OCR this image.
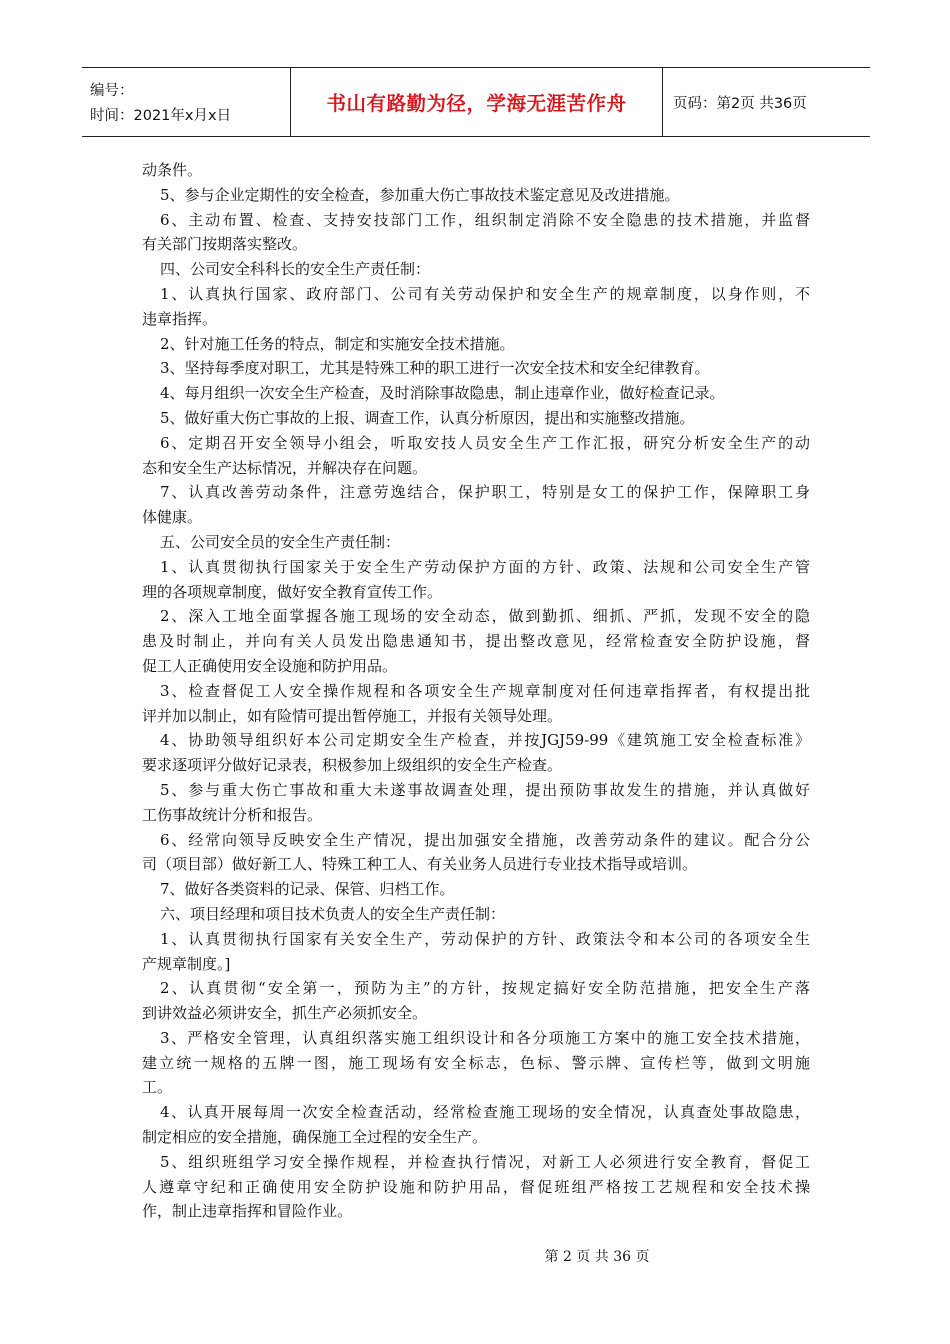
编号：
时间：2021年x月x日
书山有路勤为径，学海无涯苦作舟	页码：第2页 共36页
动条件。
5、参与企业定期性的安全检查，参加重大伤亡事故技术鉴定意见及改进措施。
6、主动布置、检查、支持安技部门工作，组织制定消除不安全隐患的技术措施，并监督
有关部门按期落实整改。
四、公司安全科科长的安全生产责任制：
1、认真执行国家、政府部门、公司有关劳动保护和安全生产的规章制度，以身作则，不
违章指挥。
2、针对施工任务的特点，制定和实施安全技术措施。
3、坚持每季度对职工，尤其是特殊工种的职工进行一次安全技术和安全纪律教育。
4、每月组织一次安全生产检查，及时消除事故隐患，制止违章作业，做好检查记录。
5、做好重大伤亡事故的上报、调查工作，认真分析原因，提出和实施整改措施。
6、定期召开安全领导小组会，听取安技人员安全生产工作汇报，研究分析安全生产的动
态和安全生产达标情况，并解决存在问题。
7、认真改善劳动条件，注意劳逸结合，保护职工，特别是女工的保护工作，保障职工身
体健康。
五、公司安全员的安全生产责任制：
1、认真贯彻执行国家关于安全生产劳动保护方面的方针、政策、法规和公司安全生产管
理的各项规章制度，做好安全教育宣传工作。
2、深入工地全面掌握各施工现场的安全动态，做到勤抓、细抓、严抓，发现不安全的隐
患及时制止，并向有关人员发出隐患通知书，提出整改意见，经常检查安全防护设施，督
促工人正确使用安全设施和防护用品。
3、检查督促工人安全操作规程和各项安全生产规章制度对任何违章指挥者，有权提出批
评并加以制止，如有险情可提出暂停施工，并报有关领导处理。
4、协助领导组织好本公司定期安全生产检查，并按JGJ59-99《建筑施工安全检查标准》
要求逐项评分做好记录表，积极参加上级组织的安全生产检查。
5、参与重大伤亡事故和重大未遂事故调查处理，提出预防事故发生的措施，并认真做好
工伤事故统计分析和报告。
6、经常向领导反映安全生产情况，提出加强安全措施，改善劳动条件的建议。配合分公
司（项目部）做好新工人、特殊工种工人、有关业务人员进行专业技术指导或培训。
7、做好各类资料的记录、保管、归档工作。
六、项目经理和项目技术负责人的安全生产责任制：
1、认真贯彻执行国家有关安全生产，劳动保护的方针、政策法令和本公司的各项安全生
产规章制度。]
2、认真贯彻“安全第一，预防为主”的方针，按规定搞好安全防范措施，把安全生产落
到讲效益必须讲安全，抓生产必须抓安全。
3、严格安全管理，认真组织落实施工组织设计和各分项施工方案中的施工安全技术措施，
建立统一规格的五牌一图，施工现场有安全标志，色标、警示牌、宣传栏等，做到文明施
工。
4、认真开展每周一次安全检查活动，经常检查施工现场的安全情况，认真查处事故隐患，
制定相应的安全措施，确保施工全过程的安全生产。
5、组织班组学习安全操作规程，并检查执行情况，对新工人必须进行安全教育，督促工
人遵章守纪和正确使用安全防护设施和防护用品，督促班组严格按工艺规程和安全技术操
作，制止违章指挥和冒险作业。
第 2 页 共 36 页
